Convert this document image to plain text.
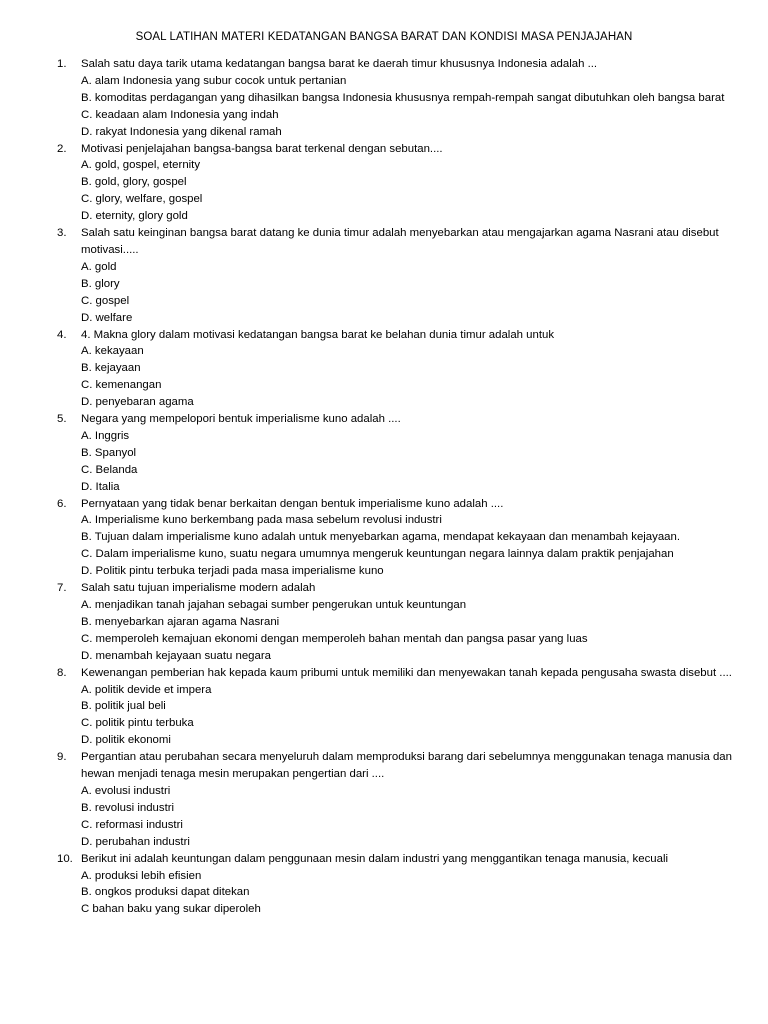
SOAL LATIHAN MATERI KEDATANGAN BANGSA BARAT DAN KONDISI MASA PENJAJAHAN
1. Salah satu daya tarik utama kedatangan bangsa barat ke daerah timur khususnya Indonesia adalah ...
A. alam Indonesia yang subur cocok untuk pertanian
B. komoditas perdagangan yang dihasilkan bangsa Indonesia khususnya rempah-rempah sangat dibutuhkan oleh bangsa barat
C. keadaan alam Indonesia yang indah
D. rakyat Indonesia yang dikenal ramah
2. Motivasi penjelajahan bangsa-bangsa barat terkenal dengan sebutan....
A. gold, gospel, eternity
B. gold, glory, gospel
C. glory, welfare, gospel
D. eternity, glory gold
3. Salah satu keinginan bangsa barat datang ke dunia timur adalah menyebarkan atau mengajarkan agama Nasrani atau disebut motivasi.....
A. gold
B. glory
C. gospel
D. welfare
4. 4. Makna glory dalam motivasi kedatangan bangsa barat ke belahan dunia timur adalah untuk
A. kekayaan
B. kejayaan
C. kemenangan
D. penyebaran agama
5. Negara yang mempelopori bentuk imperialisme kuno adalah ....
A. Inggris
B. Spanyol
C. Belanda
D. Italia
6. Pernyataan yang tidak benar berkaitan dengan bentuk imperialisme kuno adalah ....
A. Imperialisme kuno berkembang pada masa sebelum revolusi industri
B. Tujuan dalam imperialisme kuno adalah untuk menyebarkan agama, mendapat kekayaan dan menambah kejayaan.
C. Dalam imperialisme kuno, suatu negara umumnya mengeruk keuntungan negara lainnya dalam praktik penjajahan
D. Politik pintu terbuka terjadi pada masa imperialisme kuno
7. Salah satu tujuan imperialisme modern adalah
A. menjadikan tanah jajahan sebagai sumber pengerukan untuk keuntungan
B. menyebarkan ajaran agama Nasrani
C. memperoleh kemajuan ekonomi dengan memperoleh bahan mentah dan pangsa pasar yang luas
D. menambah kejayaan suatu negara
8. Kewenangan pemberian hak kepada kaum pribumi untuk memiliki dan menyewakan tanah kepada pengusaha swasta disebut ....
A. politik devide et impera
B. politik jual beli
C. politik pintu terbuka
D. politik ekonomi
9. Pergantian atau perubahan secara menyeluruh dalam memproduksi barang dari sebelumnya menggunakan tenaga manusia dan hewan menjadi tenaga mesin merupakan pengertian dari ....
A. evolusi industri
B. revolusi industri
C. reformasi industri
D. perubahan industri
10. Berikut ini adalah keuntungan dalam penggunaan mesin dalam industri yang menggantikan tenaga manusia, kecuali
A. produksi lebih efisien
B. ongkos produksi dapat ditekan
C bahan baku yang sukar diperoleh
